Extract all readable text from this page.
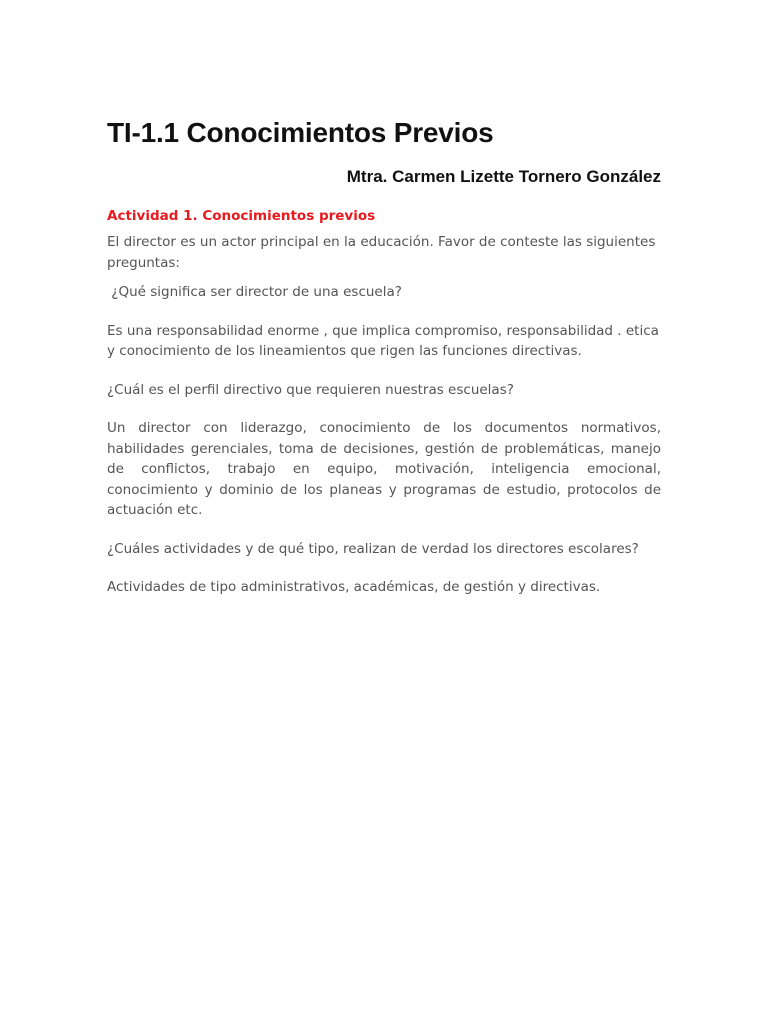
TI-1.1 Conocimientos Previos
Mtra. Carmen Lizette Tornero González
Actividad 1. Conocimientos previos

El director es un actor principal en la educación. Favor de conteste las siguientes preguntas:

¿Qué significa ser director de una escuela?

Es una responsabilidad enorme , que implica compromiso, responsabilidad . etica y conocimiento de los lineamientos que rigen las funciones directivas.

¿Cuál es el perfil directivo que requieren nuestras escuelas?

Un director con liderazgo, conocimiento de los documentos normativos, habilidades gerenciales, toma de decisiones, gestión de problemáticas, manejo de conflictos, trabajo en equipo, motivación, inteligencia emocional, conocimiento y dominio de los planeas y programas de estudio, protocolos de actuación etc.

¿Cuáles actividades y de qué tipo, realizan de verdad los directores escolares?

Actividades de tipo administrativos, académicas, de gestión y directivas.
